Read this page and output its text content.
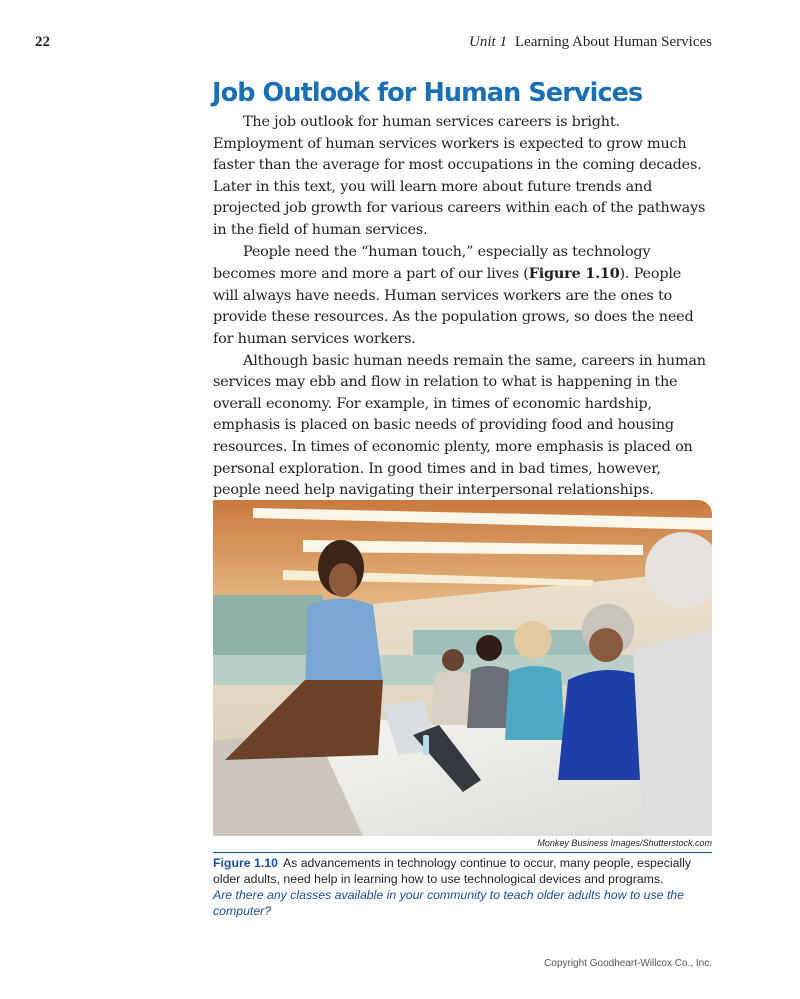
22	Unit 1 Learning About Human Services
Job Outlook for Human Services

The job outlook for human services careers is bright. Employment of human services workers is expected to grow much faster than the average for most occupations in the coming decades. Later in this text, you will learn more about future trends and projected job growth for various careers within each of the pathways in the field of human services.

People need the “human touch,” especially as technology becomes more and more a part of our lives (Figure 1.10). People will always have needs. Human services workers are the ones to provide these resources. As the population grows, so does the need for human services workers.

Although basic human needs remain the same, careers in human services may ebb and flow in relation to what is happening in the overall economy. For example, in times of economic hardship, emphasis is placed on basic needs of providing food and housing resources. In times of economic plenty, more emphasis is placed on personal exploration. In good times and in bad times, however, people need help navigating their interpersonal relationships.

Monkey Business Images/Shutterstock.com
Figure 1.10 As advancements in technology continue to occur, many people, especially older adults, need help in learning how to use technological devices and programs.
Are there any classes available in your community to teach older adults how to use the computer?
Copyright Goodheart-Willcox Co., Inc.
